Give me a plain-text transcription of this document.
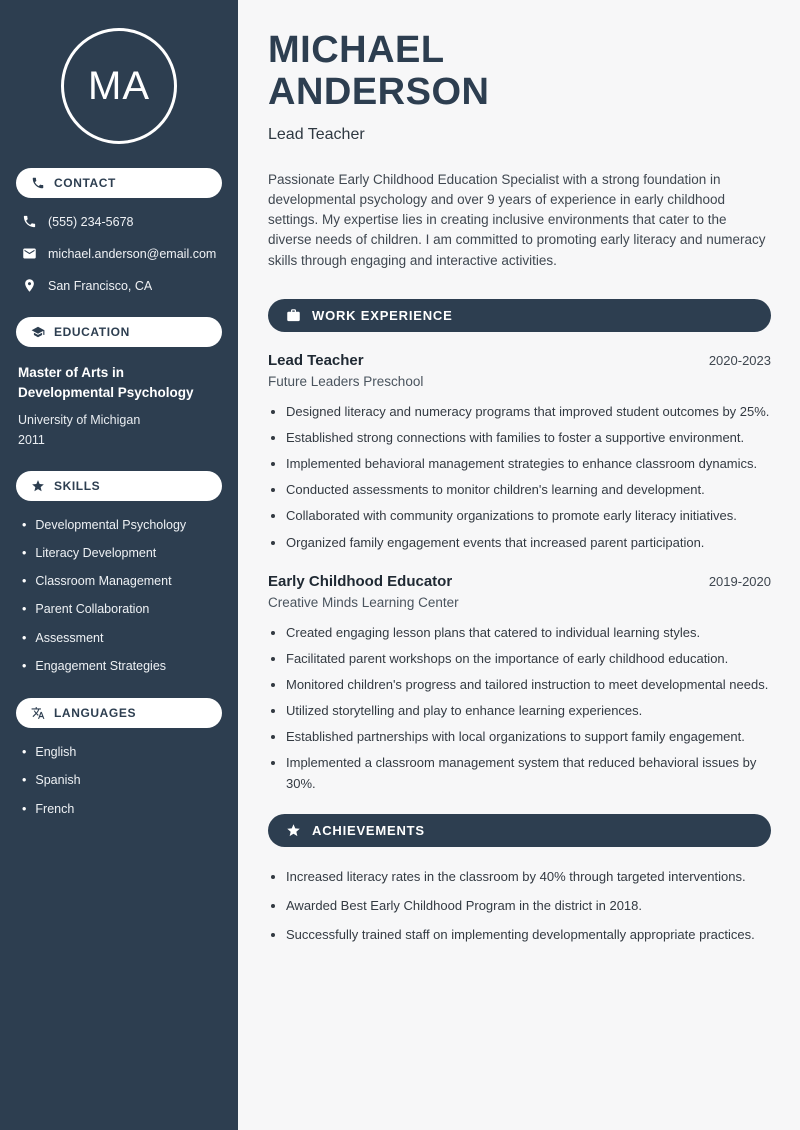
MA
CONTACT
(555) 234-5678
michael.anderson@email.com
San Francisco, CA
EDUCATION
Master of Arts in Developmental Psychology
University of Michigan
2011
SKILLS
• Developmental Psychology
• Literacy Development
• Classroom Management
• Parent Collaboration
• Assessment
• Engagement Strategies
LANGUAGES
• English
• Spanish
• French
MICHAEL
ANDERSON
Lead Teacher

Passionate Early Childhood Education Specialist with a strong foundation in developmental psychology and over 9 years of experience in early childhood settings. My expertise lies in creating inclusive environments that cater to the diverse needs of children. I am committed to promoting early literacy and numeracy skills through engaging and interactive activities.

WORK EXPERIENCE
Lead Teacher	2020-2023
Future Leaders Preschool
• Designed literacy and numeracy programs that improved student outcomes by 25%.
• Established strong connections with families to foster a supportive environment.
• Implemented behavioral management strategies to enhance classroom dynamics.
• Conducted assessments to monitor children's learning and development.
• Collaborated with community organizations to promote early literacy initiatives.
• Organized family engagement events that increased parent participation.
Early Childhood Educator	2019-2020
Creative Minds Learning Center
• Created engaging lesson plans that catered to individual learning styles.
• Facilitated parent workshops on the importance of early childhood education.
• Monitored children's progress and tailored instruction to meet developmental needs.
• Utilized storytelling and play to enhance learning experiences.
• Established partnerships with local organizations to support family engagement.
• Implemented a classroom management system that reduced behavioral issues by 30%.
ACHIEVEMENTS
• Increased literacy rates in the classroom by 40% through targeted interventions.
• Awarded Best Early Childhood Program in the district in 2018.
• Successfully trained staff on implementing developmentally appropriate practices.
